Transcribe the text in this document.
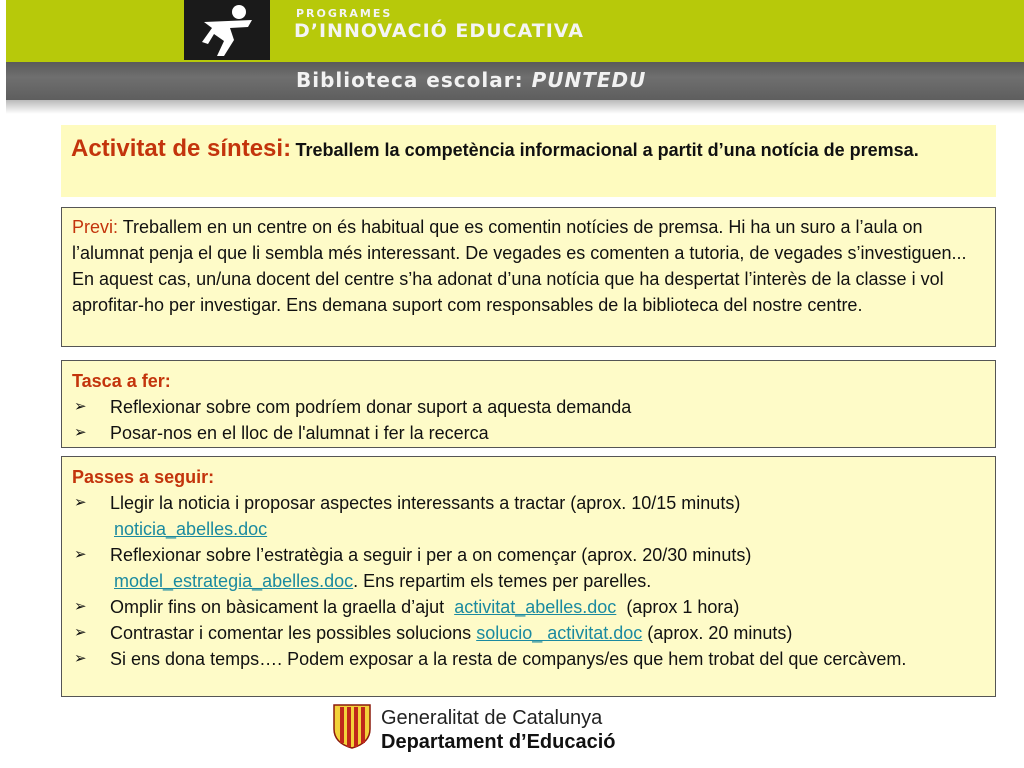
PROGRAMES
D’INNOVACIÓ EDUCATIVA
Biblioteca escolar: PUNTEDU
Activitat de síntesi: Treballem la competència informacional a partit d’una notícia de premsa.

Previ: Treballem en un centre on és habitual que es comentin notícies de premsa. Hi ha un suro a l’aula on l’alumnat penja el que li sembla més interessant. De vegades es comenten a tutoria, de vegades s’investiguen... En aquest cas, un/una docent del centre s’ha adonat d’una notícia que ha despertat l’interès de la classe i vol aprofitar-ho per investigar. Ens demana suport com responsables de la biblioteca del nostre centre.

Tasca a fer:
➢ Reflexionar sobre com podríem donar suport a aquesta demanda
➢ Posar-nos en el lloc de l'alumnat i fer la recerca
Passes a seguir:
➢ Llegir la noticia i proposar aspectes interessants a tractar (aprox. 10/15 minuts)
noticia_abelles.doc
➢ Reflexionar sobre l’estratègia a seguir i per a on començar (aprox. 20/30 minuts)
model_estrategia_abelles.doc. Ens repartim els temes per parelles.
➢ Omplir fins on bàsicament la graella d’ajut activitat_abelles.doc (aprox 1 hora)
➢ Contrastar i comentar les possibles solucions solucio_ activitat.doc (aprox. 20 minuts)
➢ Si ens dona temps…. Podem exposar a la resta de companys/es que hem trobat del que cercàvem.
Generalitat de Catalunya
Departament d’Educació
